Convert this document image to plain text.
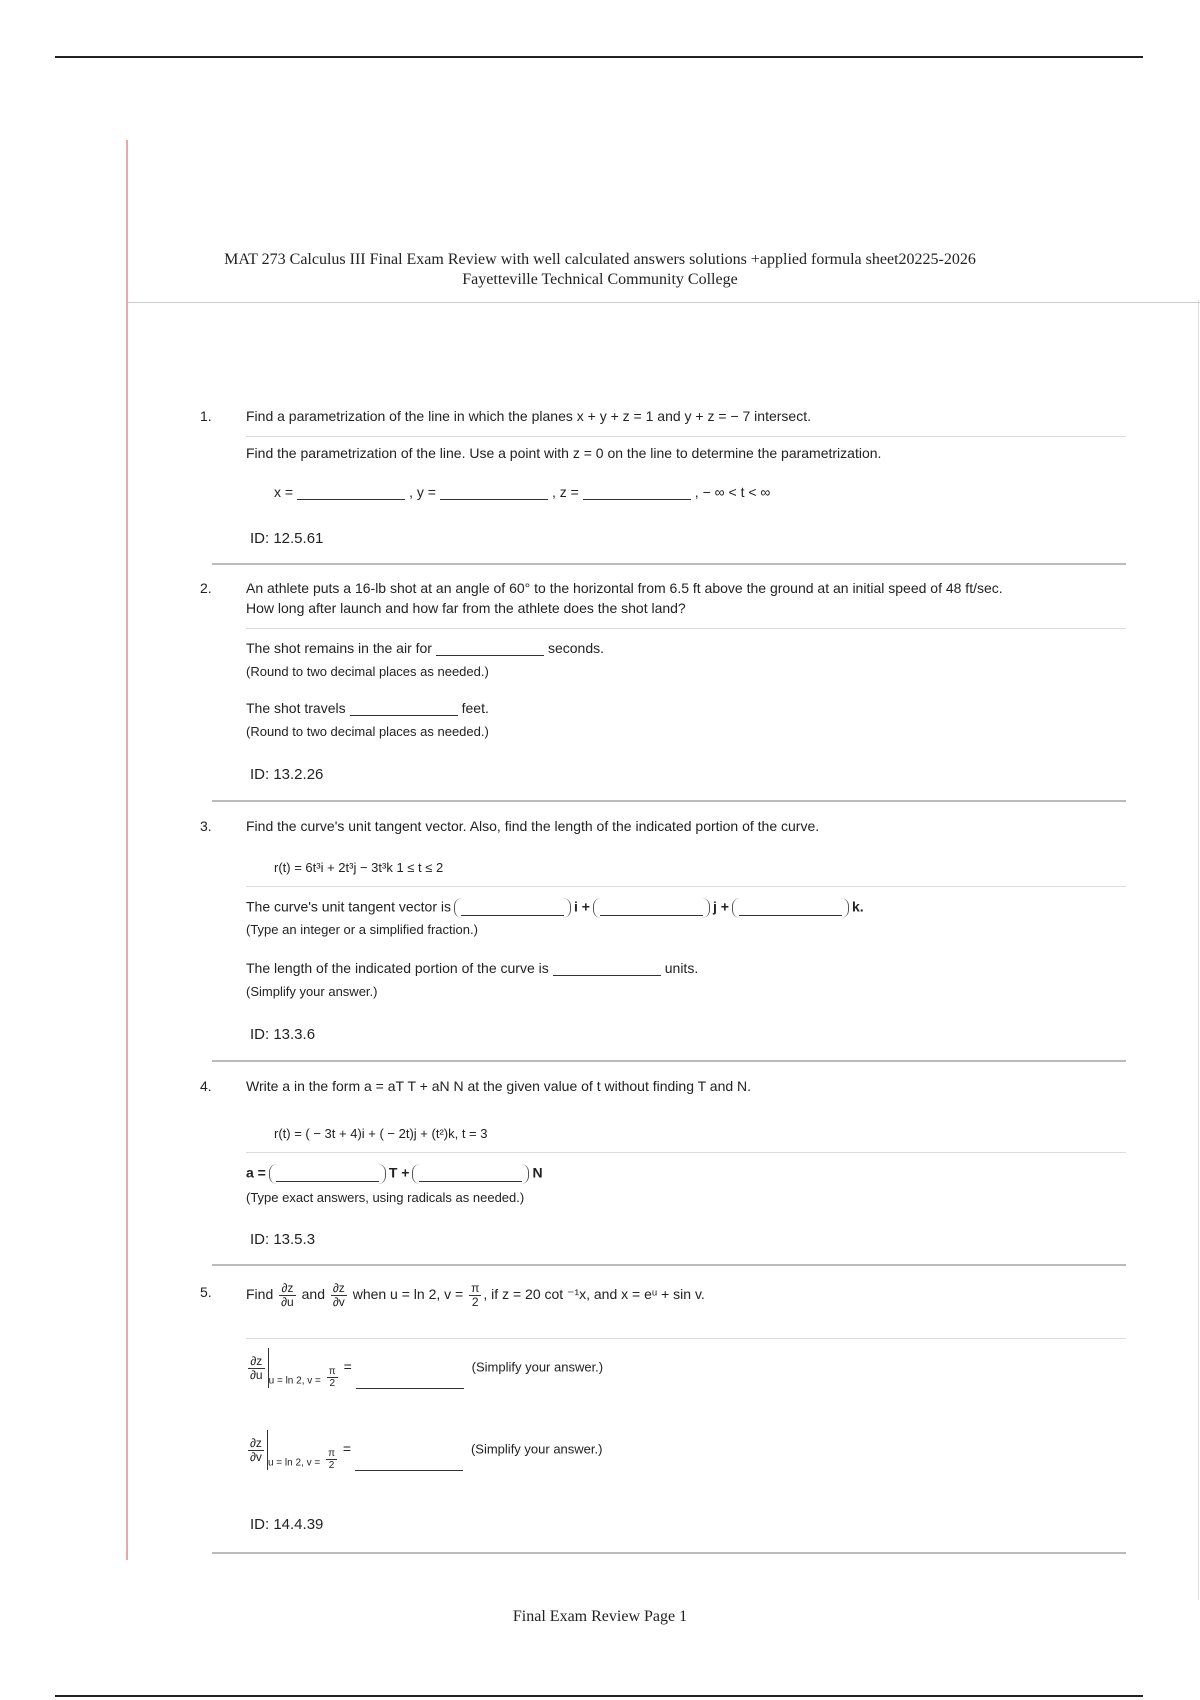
MAT 273 Calculus III Final Exam Review with well calculated answers solutions +applied formula sheet20225-2026
Fayetteville Technical Community College
1. Find a parametrization of the line in which the planes x + y + z = 1 and y + z = − 7 intersect.
Find the parametrization of the line. Use a point with z = 0 on the line to determine the parametrization.
x =	, y =	, z =	, − ∞ < t < ∞
ID: 12.5.61
2. An athlete puts a 16-lb shot at an angle of 60° to the horizontal from 6.5 ft above the ground at an initial speed of 48 ft/sec.
How long after launch and how far from the athlete does the shot land?
The shot remains in the air for	seconds.
(Round to two decimal places as needed.)
The shot travels	feet.
(Round to two decimal places as needed.)
ID: 13.2.26
3. Find the curve's unit tangent vector. Also, find the length of the indicated portion of the curve.
r(t) = 6t³i + 2t³j − 3t³k 1 ≤ t ≤ 2
The curve's unit tangent vector is	i +	j +	k.
(Type an integer or a simplified fraction.)
The length of the indicated portion of the curve is	units.
(Simplify your answer.)
ID: 13.3.6
4. Write a in the form a = aT T + aN N at the given value of t without finding T and N.
r(t) = ( − 3t + 4)i + ( − 2t)j + (t²)k, t = 3
a =	T +	N
(Type exact answers, using radicals as needed.)
ID: 13.5.3
5. Find $\frac{\partial z}{\partial u}$ and $\frac{\partial z}{\partial v}$ when u = ln 2, $v = \frac{\pi}{2}$ , if z = 20 cot ⁻¹x, and x = eᵘ + sin v.
$\frac{\partial z}{\partial u} _{u = ln 2, v =} \frac{\pi}{2}$ =	(Simplify your answer.)
$\frac{\partial z}{\partial v} _{u = ln 2, v =} \frac{\pi}{2}$ =	(Simplify your answer.)
ID: 14.4.39
Final Exam Review Page 1
